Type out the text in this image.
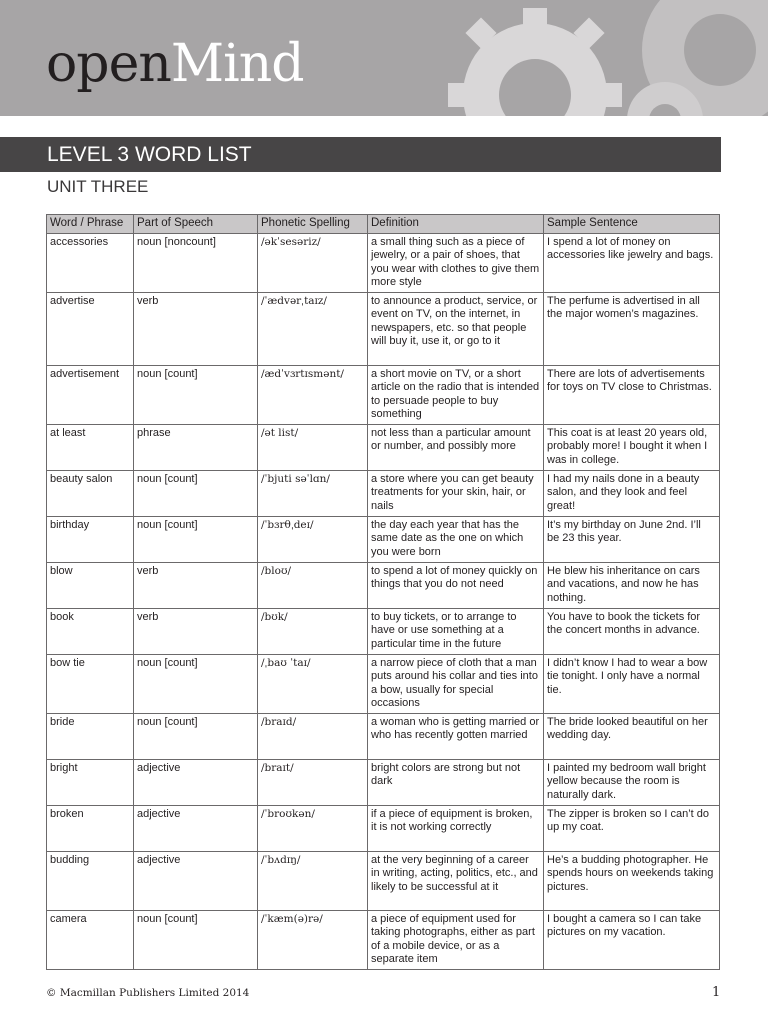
openMind
LEVEL 3 WORD LIST
UNIT THREE
Word / Phrase	Part of Speech	Phonetic Spelling	Definition	Sample Sentence
accessories	noun [noncount]	/əkˈsesəriz/	a small thing such as a piece of jewelry, or a pair of shoes, that you wear with clothes to give them more style	I spend a lot of money on accessories like jewelry and bags.
advertise	verb	/ˈædvərˌtaɪz/	to announce a product, service, or event on TV, on the internet, in newspapers, etc. so that people will buy it, use it, or go to it	The perfume is advertised in all the major women’s magazines.
advertisement	noun [count]	/ædˈvɜrtɪsmənt/	a short movie on TV, or a short article on the radio that is intended to persuade people to buy something	There are lots of advertisements for toys on TV close to Christmas.
at least	phrase	/ət list/	not less than a particular amount or number, and possibly more	This coat is at least 20 years old, probably more! I bought it when I was in college.
beauty salon	noun [count]	/ˈbjuti səˈlɑn/	a store where you can get beauty treatments for your skin, hair, or nails	I had my nails done in a beauty salon, and they look and feel great!
birthday	noun [count]	/ˈbɜrθˌdeɪ/	the day each year that has the same date as the one on which you were born	It’s my birthday on June 2nd. I’ll be 23 this year.
blow	verb	/bloʊ/	to spend a lot of money quickly on things that you do not need	He blew his inheritance on cars and vacations, and now he has nothing.
book	verb	/bʊk/	to buy tickets, or to arrange to have or use something at a particular time in the future	You have to book the tickets for the concert months in advance.
bow tie	noun [count]	/ˌbaʊ ˈtaɪ/	a narrow piece of cloth that a man puts around his collar and ties into a bow, usually for special occasions	I didn’t know I had to wear a bow tie tonight. I only have a normal tie.
bride	noun [count]	/braɪd/	a woman who is getting married or who has recently gotten married	The bride looked beautiful on her wedding day.
bright	adjective	/braɪt/	bright colors are strong but not dark	I painted my bedroom wall bright yellow because the room is naturally dark.
broken	adjective	/ˈbroʊkən/	if a piece of equipment is broken, it is not working correctly	The zipper is broken so I can’t do up my coat.
budding	adjective	/ˈbʌdɪŋ/	at the very beginning of a career in writing, acting, politics, etc., and likely to be successful at it	He’s a budding photographer. He spends hours on weekends taking pictures.
camera	noun [count]	/ˈkæm(ə)rə/	a piece of equipment used for taking photographs, either as part of a mobile device, or as a separate item	I bought a camera so I can take pictures on my vacation.
© Macmillan Publishers Limited 2014	1
